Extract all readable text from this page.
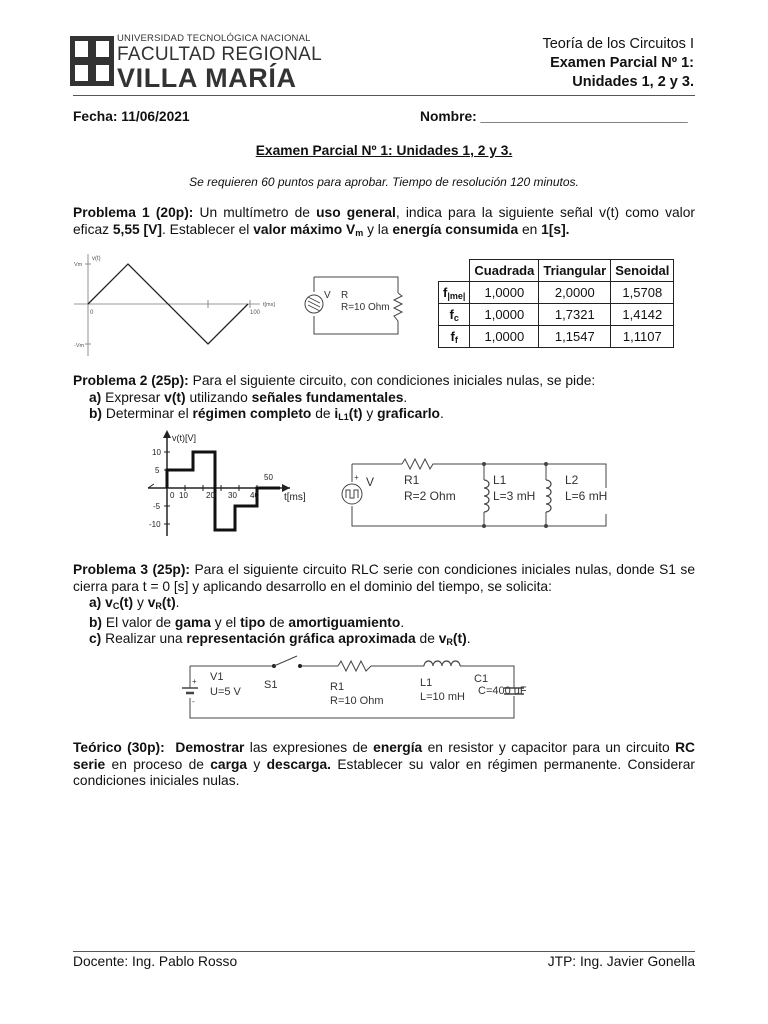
UNIVERSIDAD TECNOLÓGICA NACIONAL
FACULTAD REGIONAL
VILLA MARÍA
Teoría de los Circuitos I
Examen Parcial Nº 1:
Unidades 1, 2 y 3.
Fecha: 11/06/2021	Nombre: ___________________________
Examen Parcial Nº 1: Unidades 1, 2 y 3.
Se requieren 60 puntos para aprobar. Tiempo de resolución 120 minutos.
Problema 1 (20p): Un multímetro de uso general, indica para la siguiente señal v(t) como valor eficaz 5,55 [V]. Establecer el valor máximo $V_m$ y la energía consumida en 1[s].
v(t)
Vm
-Vm
0	100
t[ms]
V R
R=10 Ohm
	Cuadrada	Triangular	Senoidal
$f_{|me|}$	1,0000	2,0000	1,5708
$f_c$	1,0000	1,7321	1,4142
$f_f$	1,0000	1,1547	1,1107
Problema 2 (25p): Para el siguiente circuito, con condiciones iniciales nulas, se pide:
a) Expresar v(t) utilizando señales fundamentales.
b) Determinar el régimen completo de $i_{L1}(t)$ y graficarlo.
v(t)[V]
t[ms]
10
5
-5
-10
0 10 20 30 40
50	+ V R1
R=2 Ohm
L1
L=3 mH
L2
L=6 mH
Problema 3 (25p): Para el siguiente circuito RLC serie con condiciones iniciales nulas, donde S1 se cierra para t = 0 [s] y aplicando desarrollo en el dominio del tiempo, se solicita:
a) $v_C(t)$ y $v_R(t)$.
b) El valor de gama y el tipo de amortiguamiento.
c) Realizar una representación gráfica aproximada de $v_R(t)$.
+
-
V1
U=5 V
S1	R1
R=10 Ohm
L1
L=10 mH
C1
C=400 uF
Teórico (30p): Demostrar las expresiones de energía en resistor y capacitor para un circuito RC serie en proceso de carga y descarga. Establecer su valor en régimen permanente. Considerar condiciones iniciales nulas.
Docente: Ing. Pablo Rosso	JTP: Ing. Javier Gonella
